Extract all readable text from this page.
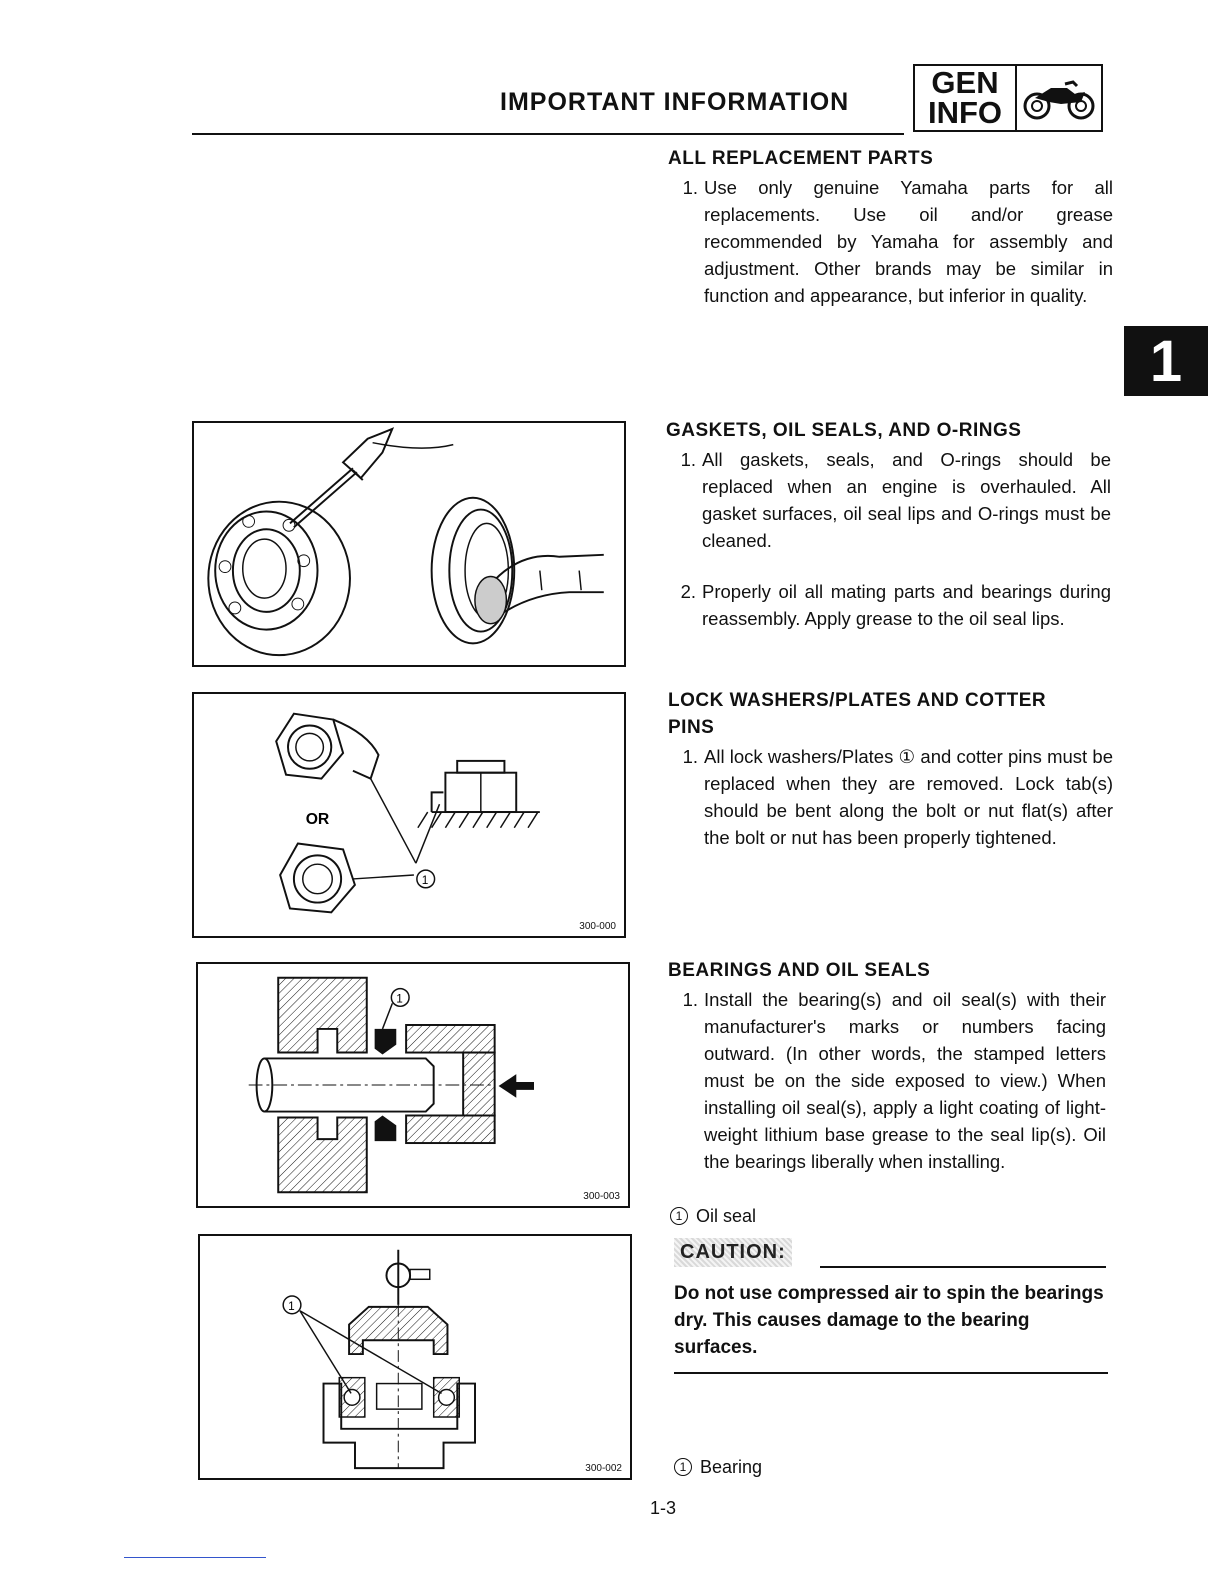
IMPORTANT INFORMATION
GEN
INFO
1
ALL REPLACEMENT PARTS
1. Use only genuine Yamaha parts for all replacements. Use oil and/or grease recommended by Yamaha for assembly and adjustment. Other brands may be similar in function and appearance, but inferior in quality.
GASKETS, OIL SEALS, AND O-RINGS
1. All gaskets, seals, and O-rings should be replaced when an engine is overhauled. All gasket surfaces, oil seal lips and O-rings must be cleaned.
2. Properly oil all mating parts and bearings during reassembly. Apply grease to the oil seal lips.
LOCK WASHERS/PLATES AND COTTER PINS
1. All lock washers/Plates ① and cotter pins must be replaced when they are removed. Lock tab(s) should be bent along the bolt or nut flat(s) after the bolt or nut has been properly tightened.
BEARINGS AND OIL SEALS
1. Install the bearing(s) and oil seal(s) with their manufacturer's marks or numbers facing outward. (In other words, the stamped letters must be on the side exposed to view.) When installing oil seal(s), apply a light coating of light-weight lithium base grease to the seal lip(s). Oil the bearings liberally when installing.
1 Oil seal
CAUTION:
Do not use compressed air to spin the bearings dry. This causes damage to the bearing surfaces.
1 Bearing
OR
1
300-000
1
300-003
1
300-002
1-3
